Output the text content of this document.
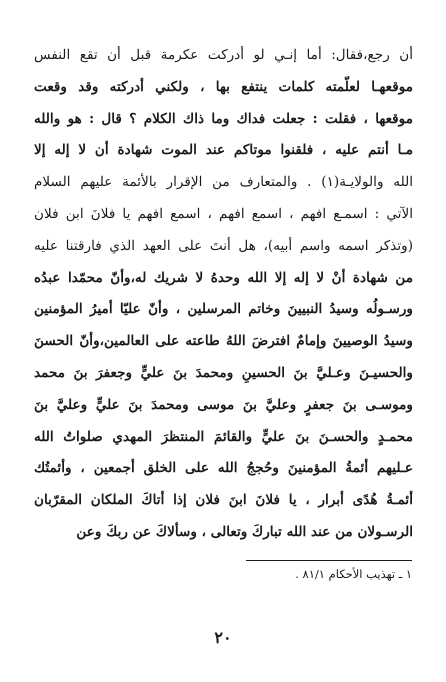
أن رجع،فقال: أما إنـي لو أدركت عكرمة قبل أن تقع النفس
موقعهـا لعلّمته كلمات ينتفع بها ، ولكني أدركته وقد وقعت
موقعها ، فقلت : جعلت فداك وما ذاك الكلام ؟ قال : هو والله
مـا أنتم عليه ، فلقنوا موتاكم عند الموت شهادة أن لا إله إلا
الله والولايـة(١) . والمتعارف من الإقرار بالأئمة عليهم السلام
الآتي : اسمـع افهم ، اسمع افهم ، اسمع افهم يا فلانَ ابن فلان
(وتذكر اسمه واسم أبيه)، هل أنتَ على العهد الذي فارقتنا عليه
من شهادة أنْ لا إله إلا الله وحدهُ لا شريك له،وأنّ محمّدا عبدُه
ورسـولُه وسيدُ النبيينَ وخاتم المرسلين ، وأنّ عليّا أميرُ المؤمنين
وسيدُ الوصيينَ وإمامٌ افترضَ اللهُ طاعته على العالمين،وأنّ الحسنَ
والحسيـنَ وعـليَّ بنَ الحسينِ ومحمدَ بنَ عليٍّ وجعفرَ بنَ محمد
وموسـى بنَ جعفرٍ وعليَّ بنَ موسى ومحمدَ بنَ عليٍّ وعليَّ بنَ
محمـدٍ والحسـنَ بنَ عليٍّ والقائمَ المنتظرَ المهدي صلواتُ الله
عـليهم أئمةُ المؤمنينَ وحُججُ الله على الخلق أجمعين ، وأئمتُك
أئمـةُ هُدًى أبرار ، يا فلانَ ابنَ فلان إذا أتاكَ الملكان المقرّبان
الرسـولان من عند الله تباركَ وتعالى ، وسألاكَ عن ربكَ وعن
١ ـ تهذيب الأحكام ٨١/١ .
٢٠
